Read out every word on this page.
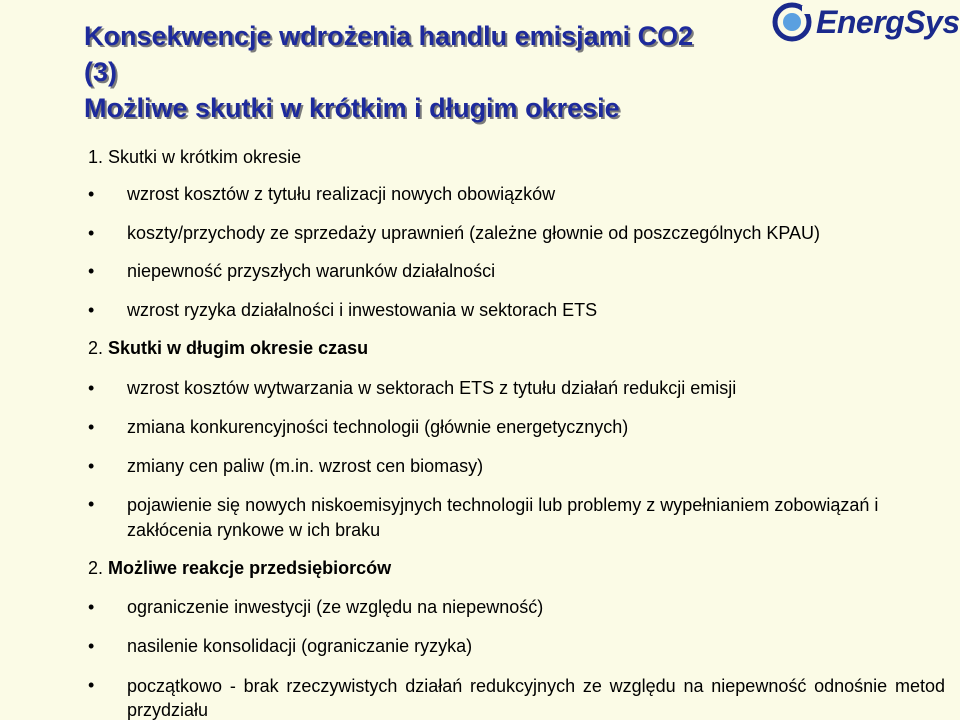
Konsekwencje wdrożenia handlu emisjami CO2
(3)
Możliwe skutki w krótkim i długim okresie
EnergSys
1. Skutki w krótkim okresie
• wzrost kosztów z tytułu realizacji nowych obowiązków
• koszty/przychody ze sprzedaży uprawnień (zależne głownie od poszczególnych KPAU)
• niepewność przyszłych warunków działalności
• wzrost ryzyka działalności i inwestowania w sektorach ETS
2. Skutki w długim okresie czasu
• wzrost kosztów wytwarzania w sektorach ETS z tytułu działań redukcji emisji
• zmiana konkurencyjności technologii (głównie energetycznych)
• zmiany cen paliw (m.in. wzrost cen biomasy)
• pojawienie się nowych niskoemisyjnych technologii lub problemy z wypełnianiem zobowiązań i zakłócenia rynkowe w ich braku
2. Możliwe reakcje przedsiębiorców
• ograniczenie inwestycji (ze względu na niepewność)
• nasilenie konsolidacji (ograniczanie ryzyka)
• początkowo - brak rzeczywistych działań redukcyjnych ze względu na niepewność odnośnie metod przydziału
